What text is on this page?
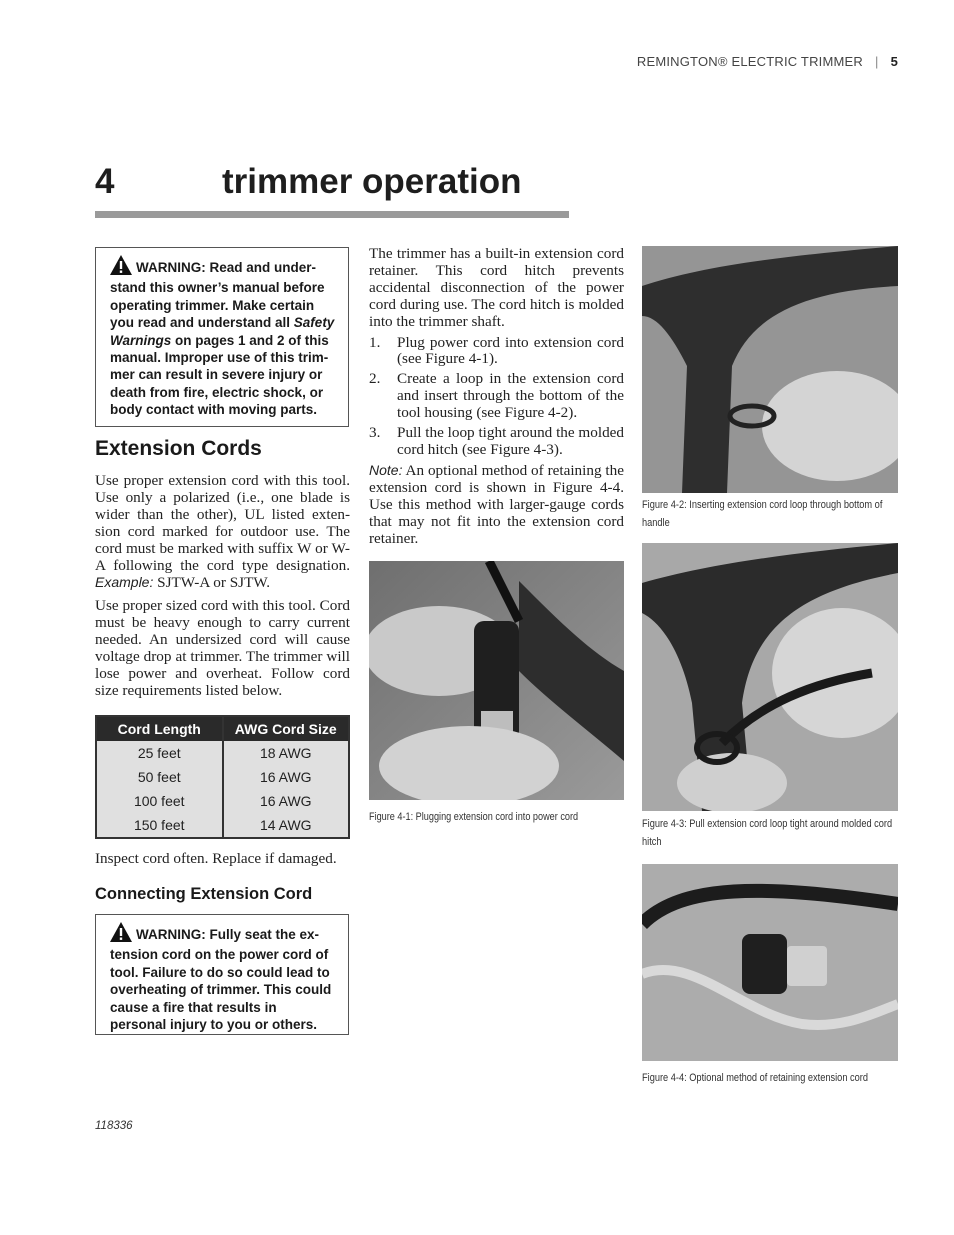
REMINGTON® ELECTRIC TRIMMER | 5
4	trimmer operation
WARNING: Read and under-stand this owner’s manual before operating trimmer. Make certain you read and understand all Safety Warnings on pages 1 and 2 of this manual. Improper use of this trim-mer can result in severe injury or death from fire, electric shock, or body contact with moving parts.
Extension Cords

Use proper extension cord with this tool. Use only a polarized (i.e., one blade is wider than the other), UL listed exten-sion cord marked for outdoor use. The cord must be marked with suffix W or W-A following the cord type designation. Example: SJTW-A or SJTW.

Use proper sized cord with this tool. Cord must be heavy enough to carry current needed. An undersized cord will cause voltage drop at trimmer. The trimmer will lose power and overheat. Follow cord size requirements listed below.

Cord Length	AWG Cord Size
25 feet	18 AWG
50 feet	16 AWG
100 feet	16 AWG
150 feet	14 AWG
Inspect cord often. Replace if damaged.
Connecting Extension Cord
WARNING: Fully seat the ex-tension cord on the power cord of tool. Failure to do so could lead to overheating of trimmer. This could cause a fire that results in personal injury to you or others.

The trimmer has a built-in extension cord retainer. This cord hitch prevents accidental disconnection of the power cord during use. The cord hitch is molded into the trimmer shaft.

1. Plug power cord into extension cord (see Figure 4-1).
2. Create a loop in the extension cord and insert through the bottom of the tool housing (see Figure 4-2).
3. Pull the loop tight around the molded cord hitch (see Figure 4-3).

Note: An optional method of retaining the extension cord is shown in Figure 4-4. Use this method with larger-gauge cords that may not fit into the extension cord retainer.

Figure 4-1: Plugging extension cord into power cord
Figure 4-2: Inserting extension cord loop through bottom of handle
Figure 4-3: Pull extension cord loop tight around molded cord hitch
Figure 4-4: Optional method of retaining extension cord
118336
